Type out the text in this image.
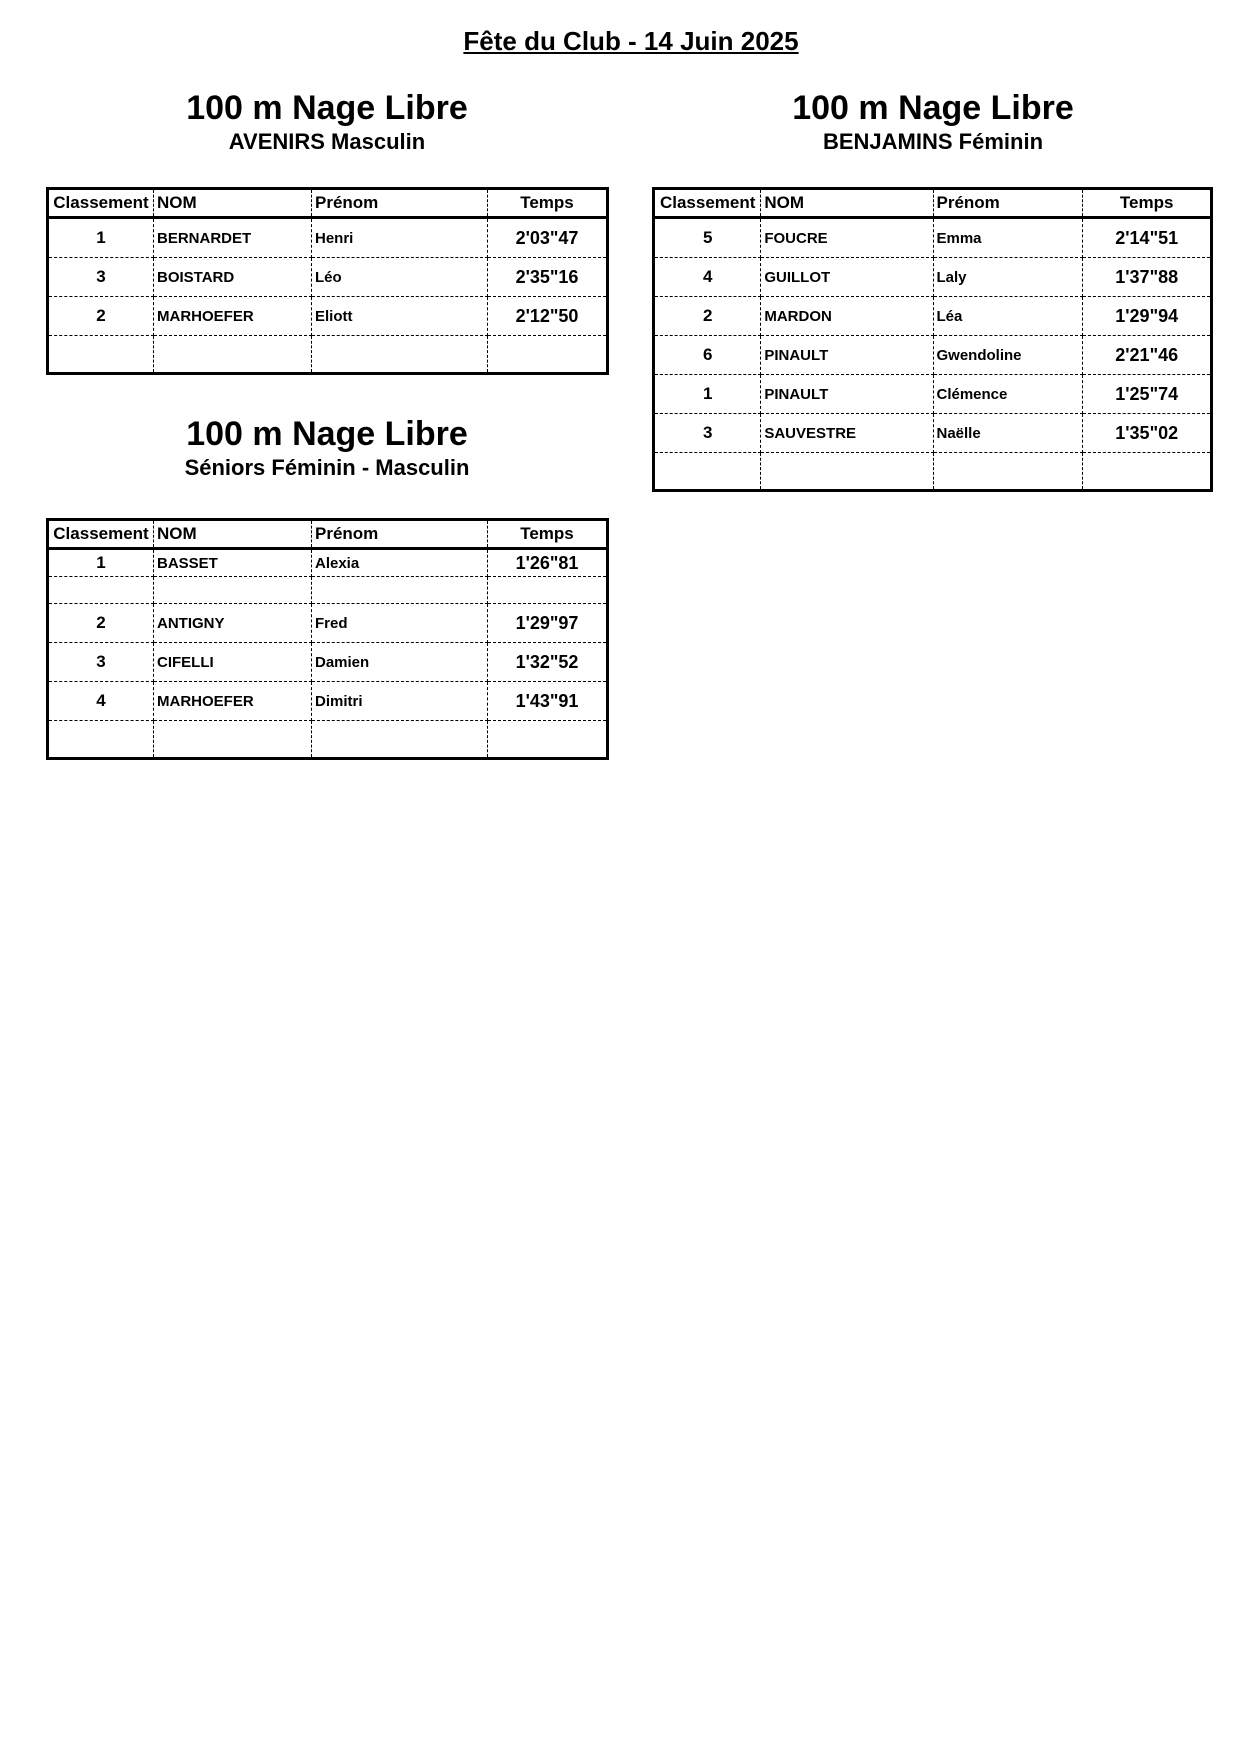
Fête du Club - 14 Juin 2025
100 m Nage Libre
AVENIRS Masculin
Classement	NOM	Prénom	Temps
1	BERNARDET	Henri	2'03"47
3	BOISTARD	Léo	2'35"16
2	MARHOEFER	Eliott	2'12"50

100 m Nage Libre
BENJAMINS Féminin
Classement	NOM	Prénom	Temps
5	FOUCRE	Emma	2'14"51
4	GUILLOT	Laly	1'37"88
2	MARDON	Léa	1'29"94
6	PINAULT	Gwendoline	2'21"46
1	PINAULT	Clémence	1'25"74
3	SAUVESTRE	Naëlle	1'35"02

100 m Nage Libre
Séniors Féminin - Masculin
Classement	NOM	Prénom	Temps
1	BASSET	Alexia	1'26"81

2	ANTIGNY	Fred	1'29"97
3	CIFELLI	Damien	1'32"52
4	MARHOEFER	Dimitri	1'43"91
